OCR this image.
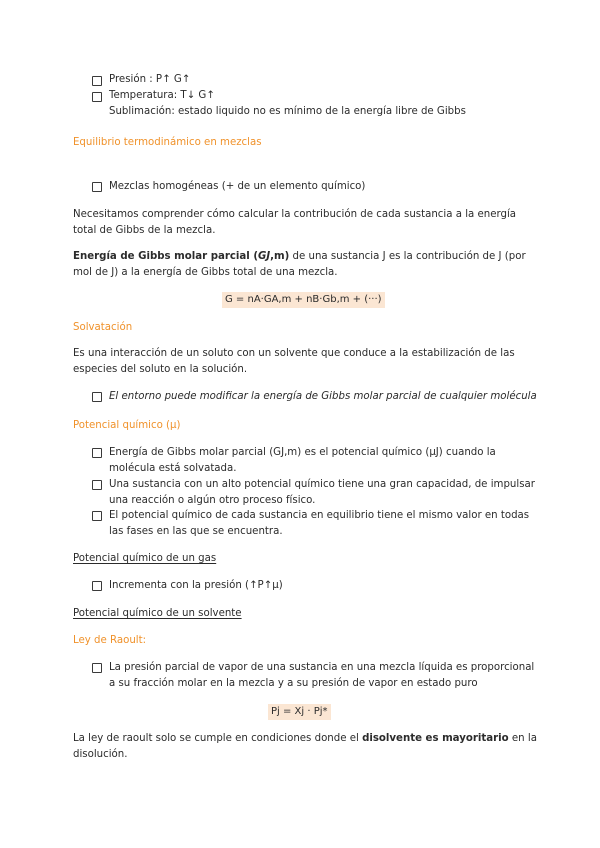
Presión : P↑ G↑
Temperatura: T↓ G↑
Sublimación: estado liquido no es mínimo de la energía libre de Gibbs
Equilibrio termodinámico en mezclas
Mezclas homogéneas (+ de un elemento químico)
Necesitamos comprender cómo calcular la contribución de cada sustancia a la energía
total de Gibbs de la mezcla.
Energía de Gibbs molar parcial (GJ,m) de una sustancia J es la contribución de J (por
mol de J) a la energía de Gibbs total de una mezcla.
G = nA·GA,m + nB·Gb,m + (···)
Solvatación
Es una interacción de un soluto con un solvente que conduce a la estabilización de las
especies del soluto en la solución.
El entorno puede modificar la energía de Gibbs molar parcial de cualquier molécula
Potencial químico (µ)
Energía de Gibbs molar parcial (GJ,m) es el potencial químico (µJ) cuando la
molécula está solvatada.
Una sustancia con un alto potencial químico tiene una gran capacidad, de impulsar
una reacción o algún otro proceso físico.
El potencial químico de cada sustancia en equilibrio tiene el mismo valor en todas
las fases en las que se encuentra.
Potencial químico de un gas
Incrementa con la presión (↑P↑µ)
Potencial químico de un solvente
Ley de Raoult:
La presión parcial de vapor de una sustancia en una mezcla líquida es proporcional
a su fracción molar en la mezcla y a su presión de vapor en estado puro
Pj = Xj · Pj*
La ley de raoult solo se cumple en condiciones donde el disolvente es mayoritario en la
disolución.
